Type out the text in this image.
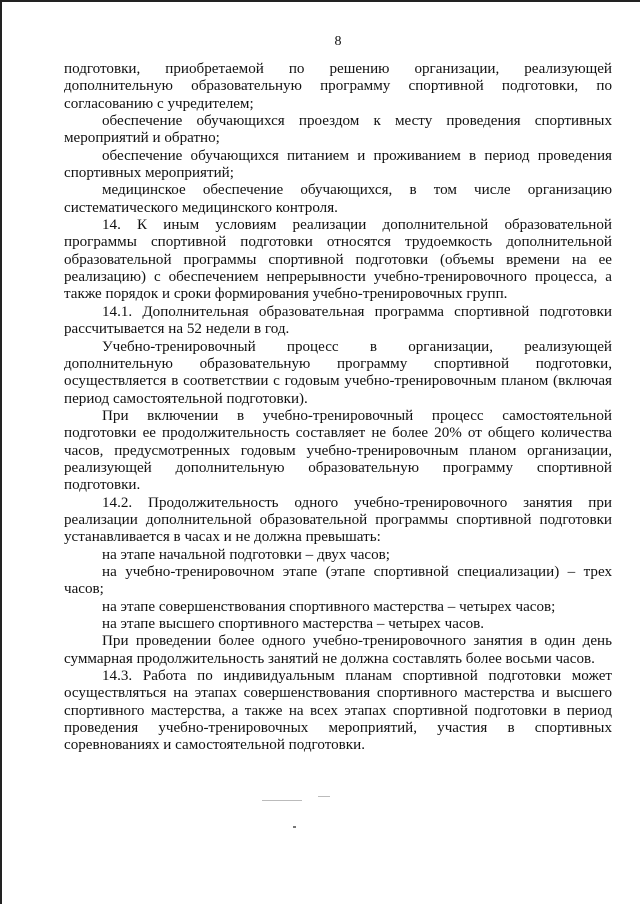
8

подготовки, приобретаемой по решению организации, реализующей дополнительную образовательную программу спортивной подготовки, по согласованию с учредителем;

обеспечение обучающихся проездом к месту проведения спортивных мероприятий и обратно;

обеспечение обучающихся питанием и проживанием в период проведения спортивных мероприятий;

медицинское обеспечение обучающихся, в том числе организацию систематического медицинского контроля.

14. К иным условиям реализации дополнительной образовательной программы спортивной подготовки относятся трудоемкость дополнительной образовательной программы спортивной подготовки (объемы времени на ее реализацию) с обеспечением непрерывности учебно-тренировочного процесса, а также порядок и сроки формирования учебно-тренировочных групп.

14.1. Дополнительная образовательная программа спортивной подготовки рассчитывается на 52 недели в год.

Учебно-тренировочный процесс в организации, реализующей дополнительную образовательную программу спортивной подготовки, осуществляется в соответствии с годовым учебно-тренировочным планом (включая период самостоятельной подготовки).

При включении в учебно-тренировочный процесс самостоятельной подготовки ее продолжительность составляет не более 20% от общего количества часов, предусмотренных годовым учебно-тренировочным планом организации, реализующей дополнительную образовательную программу спортивной подготовки.

14.2. Продолжительность одного учебно-тренировочного занятия при реализации дополнительной образовательной программы спортивной подготовки устанавливается в часах и не должна превышать:

на этапе начальной подготовки – двух часов;

на учебно-тренировочном этапе (этапе спортивной специализации) – трех часов;

на этапе совершенствования спортивного мастерства – четырех часов;

на этапе высшего спортивного мастерства – четырех часов.

При проведении более одного учебно-тренировочного занятия в один день суммарная продолжительность занятий не должна составлять более восьми часов.

14.3. Работа по индивидуальным планам спортивной подготовки может осуществляться на этапах совершенствования спортивного мастерства и высшего спортивного мастерства, а также на всех этапах спортивной подготовки в период проведения учебно-тренировочных мероприятий, участия в спортивных соревнованиях и самостоятельной подготовки.
